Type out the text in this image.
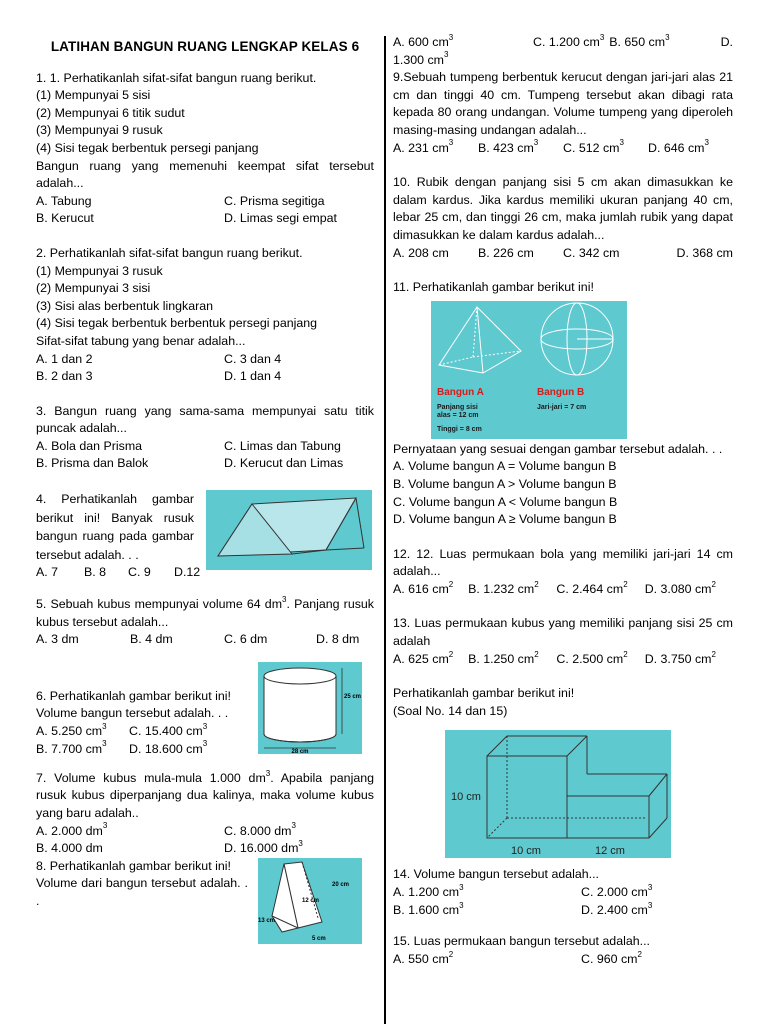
LATIHAN BANGUN RUANG LENGKAP KELAS 6
1. 1. Perhatikanlah sifat-sifat bangun ruang berikut.
(1) Mempunyai 5 sisi
(2) Mempunyai 6 titik sudut
(3) Mempunyai 9 rusuk
(4) Sisi tegak berbentuk persegi panjang
Bangun ruang yang memenuhi keempat sifat tersebut adalah...
A. Tabung	C. Prisma segitiga
B. Kerucut	D. Limas segi empat
2. Perhatikanlah sifat-sifat bangun ruang berikut.
(1) Mempunyai 3 rusuk
(2) Mempunyai 3 sisi
(3) Sisi alas berbentuk lingkaran
(4) Sisi tegak berbentuk berbentuk persegi panjang
Sifat-sifat tabung yang benar adalah...
A. 1 dan 2	C. 3 dan 4
B. 2 dan 3	D. 1 dan 4
3. Bangun ruang yang sama-sama mempunyai satu titik puncak adalah...
A. Bola dan Prisma	C. Limas dan Tabung
B. Prisma dan Balok	D. Kerucut dan Limas
4. Perhatikanlah gambar berikut ini! Banyak rusuk bangun ruang pada gambar tersebut adalah. . .
A. 7	B. 8	C. 9	D.12
5. Sebuah kubus mempunyai volume 64 $dm^3$. Panjang rusuk kubus tersebut adalah...
A. 3 dm	B. 4 dm	C. 6 dm	D. 8 dm
6. Perhatikanlah gambar berikut ini!
Volume bangun tersebut adalah. . .
A. 5.250 $cm^3$	C. 15.400 $cm^3$
B. 7.700 $cm^3$	D. 18.600 $cm^3$
28 cm
25 cm
7. Volume kubus mula-mula 1.000 $dm^3$. Apabila panjang rusuk kubus diperpanjang dua kalinya, maka volume kubus yang baru adalah..
A. 2.000 $dm^3$	C. 8.000 $dm^3$
B. 4.000 dm	D. 16.000 $dm^3$
8. Perhatikanlah gambar berikut ini!
Volume dari bangun tersebut adalah. . .
20 cm
12 cm
13 cm
5 cm
A. 600 $cm^3$	C. 1.200 $cm^3$ B. 650 $cm^3$	D.
1.300 $cm^3$
9.Sebuah tumpeng berbentuk kerucut dengan jari-jari alas 21 cm dan tinggi 40 cm. Tumpeng tersebut akan dibagi rata kepada 80 orang undangan. Volume tumpeng yang diperoleh masing-masing undangan adalah...
A. 231 $cm^3$	B. 423 $cm^3$	C. 512 $cm^3$	D. 646 $cm^3$
10. Rubik dengan panjang sisi 5 cm akan dimasukkan ke dalam kardus. Jika kardus memiliki ukuran panjang 40 cm, lebar 25 cm, dan tinggi 26 cm, maka jumlah rubik yang dapat dimasukkan ke dalam kardus adalah...
A. 208 cm	B. 226 cm	C. 342 cm	D. 368 cm
11. Perhatikanlah gambar berikut ini!
Bangun A	Bangun B
Panjang sisi
alas = 12 cm
Tinggi = 8 cm
Jari-jari = 7 cm
Pernyataan yang sesuai dengan gambar tersebut adalah. . .
A. Volume bangun A = Volume bangun B
B. Volume bangun A > Volume bangun B
C. Volume bangun A < Volume bangun B
D. Volume bangun A ≥ Volume bangun B
12. 12. Luas permukaan bola yang memiliki jari-jari 14 cm adalah...
A. 616 $cm^2$	B. 1.232 $cm^2$	C. 2.464 $cm^2$	D. 3.080 $cm^2$
13. Luas permukaan kubus yang memiliki panjang sisi 25 cm adalah
A. 625 $cm^2$	B. 1.250 $cm^2$	C. 2.500 $cm^2$	D. 3.750 $cm^2$
Perhatikanlah gambar berikut ini!
(Soal No. 14 dan 15)
10 cm
10 cm	12 cm
14. Volume bangun tersebut adalah...
A. 1.200 $cm^3$	C. 2.000 $cm^3$
B. 1.600 $cm^3$	D. 2.400 $cm^3$
15. Luas permukaan bangun tersebut adalah...
A. 550 $cm^2$	C. 960 $cm^2$
